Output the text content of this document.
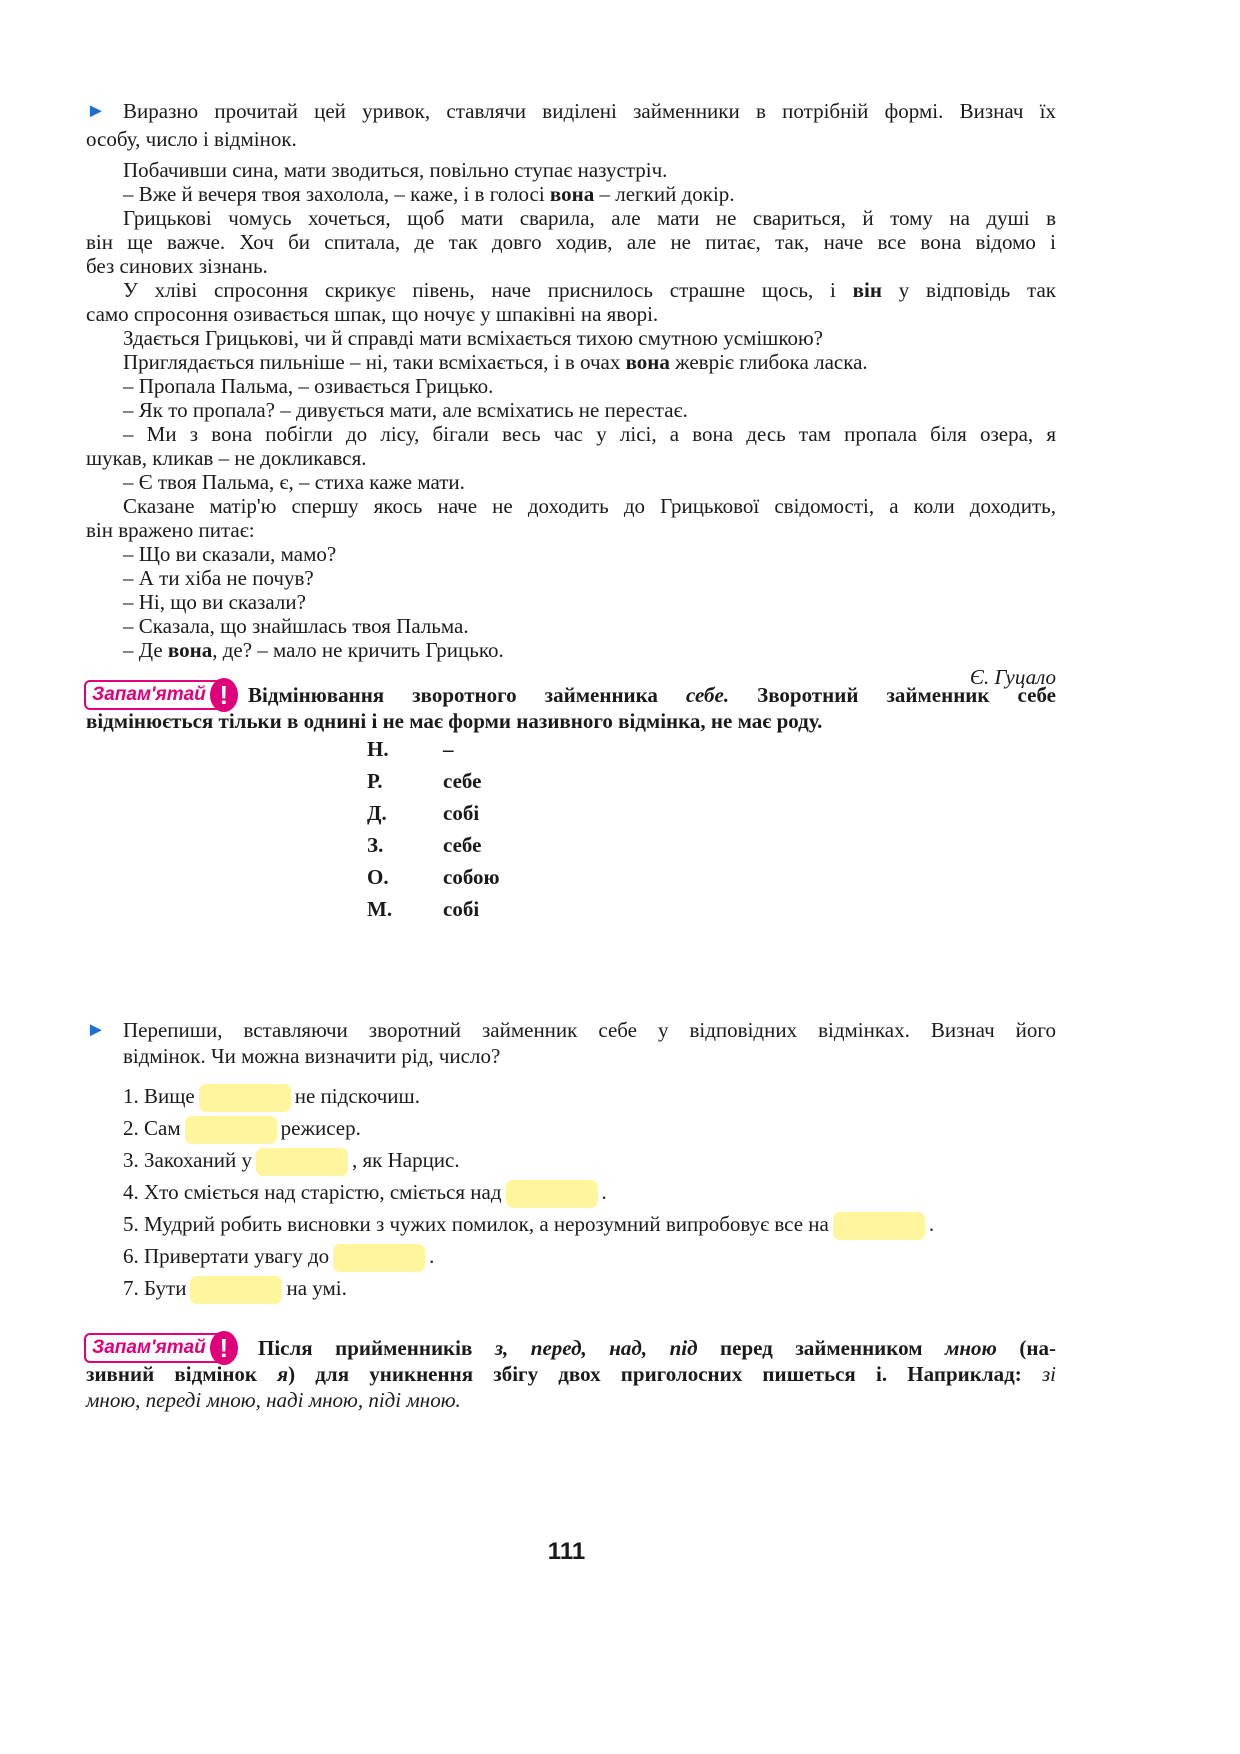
► Виразно прочитай цей уривок, ставлячи виділені займенники в потрібній формі. Визнач їх
особу, число і відмінок.
Побачивши сина, мати зводиться, повільно ступає назустріч.
– Вже й вечеря твоя захолола, – каже, і в голосі вона – легкий докір.
Грицькові чомусь хочеться, щоб мати сварила, але мати не свариться, й тому на душі в
він ще важче. Хоч би спитала, де так довго ходив, але не питає, так, наче все вона відомо і
без синових зізнань.
У хліві спросоння скрикує півень, наче приснилось страшне щось, і він у відповідь так
само спросоння озивається шпак, що ночує у шпаківні на яворі.
Здається Грицькові, чи й справді мати всміхається тихою смутною усмішкою?
Приглядається пильніше – ні, таки всміхається, і в очах вона жевріє глибока ласка.
– Пропала Пальма, – озивається Грицько.
– Як то пропала? – дивується мати, але всміхатись не перестає.
– Ми з вона побігли до лісу, бігали весь час у лісі, а вона десь там пропала біля озера, я
шукав, кликав – не докликався.
– Є твоя Пальма, є, – стиха каже мати.
Сказане матір'ю спершу якось наче не доходить до Грицькової свідомості, а коли доходить,
він вражено питає:
– Що ви сказали, мамо?
– А ти хіба не почув?
– Ні, що ви сказали?
– Сказала, що знайшлась твоя Пальма.
– Де вона, де? – мало не кричить Грицько.
Є. Гуцало
Запам'ятай ! Відмінювання зворотного займенника себе. Зворотний займенник себе
відмінюється тільки в однині і не має форми називного відмінка, не має роду.
Н.	–
Р.	себе
Д.	собі
З.	себе
О.	собою
М. собі
► Перепиши, вставляючи зворотний займенник себе у відповідних відмінках. Визнач його
відмінок. Чи можна визначити рід, число?
1. Вище	не підскочиш.
2. Сам	режисер.
3. Закоханий у	, як Нарцис.
4. Хто сміється над старістю, сміється над	.
5. Мудрий робить висновки з чужих помилок, а нерозумний випробовує все на	.
6. Привертати увагу до	.
7. Бути	на умі.
Запам'ятай !	Після прийменників з, перед, над, під перед займенником мною (на-
зивний відмінок я) для уникнення збігу двох приголосних пишеться і. Наприклад: зі
мною, переді мною, наді мною, піді мною.
111
